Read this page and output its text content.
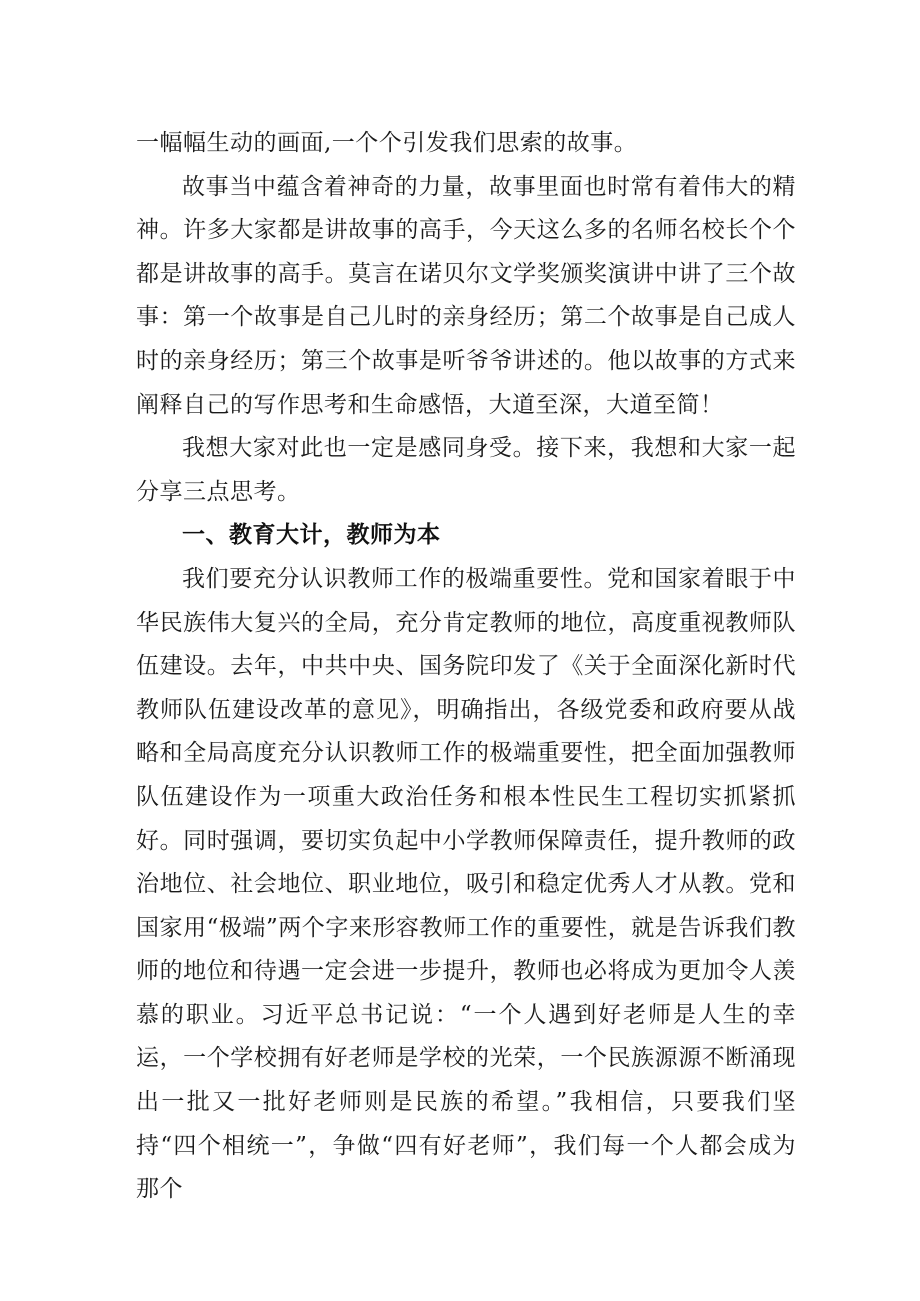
一幅幅生动的画面,一个个引发我们思索的故事。

故事当中蕴含着神奇的力量，故事里面也时常有着伟大的精神。许多大家都是讲故事的高手，今天这么多的名师名校长个个都是讲故事的高手。莫言在诺贝尔文学奖颁奖演讲中讲了三个故事：第一个故事是自己儿时的亲身经历；第二个故事是自己成人时的亲身经历；第三个故事是听爷爷讲述的。他以故事的方式来阐释自己的写作思考和生命感悟，大道至深，大道至简！

我想大家对此也一定是感同身受。接下来，我想和大家一起分享三点思考。

一、教育大计，教师为本

我们要充分认识教师工作的极端重要性。党和国家着眼于中华民族伟大复兴的全局，充分肯定教师的地位，高度重视教师队伍建设。去年，中共中央、国务院印发了《关于全面深化新时代教师队伍建设改革的意见》，明确指出，各级党委和政府要从战略和全局高度充分认识教师工作的极端重要性，把全面加强教师队伍建设作为一项重大政治任务和根本性民生工程切实抓紧抓好。同时强调，要切实负起中小学教师保障责任，提升教师的政治地位、社会地位、职业地位，吸引和稳定优秀人才从教。党和国家用“极端”两个字来形容教师工作的重要性，就是告诉我们教师的地位和待遇一定会进一步提升，教师也必将成为更加令人羡慕的职业。习近平总书记说：“一个人遇到好老师是人生的幸运，一个学校拥有好老师是学校的光荣，一个民族源源不断涌现出一批又一批好老师则是民族的希望。”我相信，只要我们坚持“四个相统一”，争做“四有好老师”，我们每一个人都会成为那个
